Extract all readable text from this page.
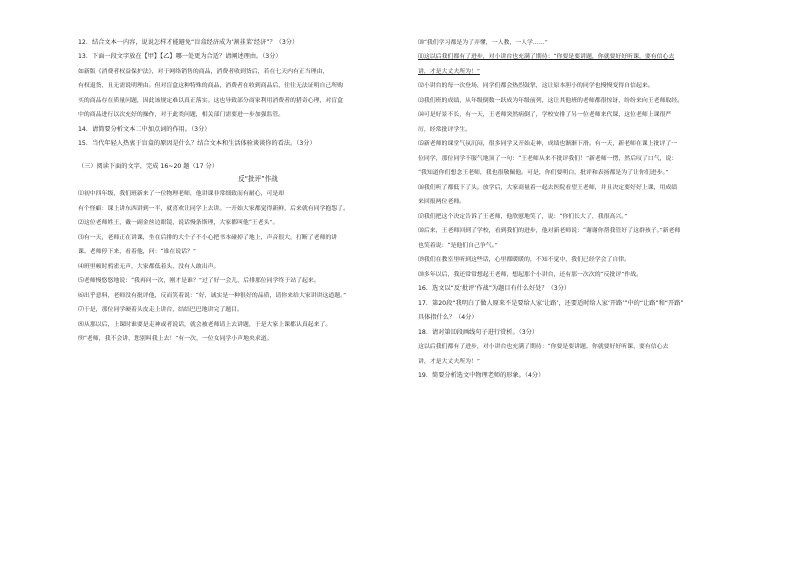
12．结合文本一内容，说说怎样才能避免“盲盒经济成为‘割韭菜’经济”？（3分）
13．下面一段文字放在【甲】【乙】哪一处更为合适？请阐述理由。（3分）
如新版《消费者权益保护法》，对于网络销售的商品，消费者收到货后，若在七天内有正当理由，
有权退货，且无需说明理由。但对盲盒这种特殊的商品，消费者在收到商品后，往往无法证明自己所购
买的商品存在质量问题，因此该规定难以真正落实。这也导致部分商家利用消费者的猎奇心理，对盲盒
中的商品进行以次充好的操作，对于此类问题，相关部门需要进一步加强监管。
14．请简要分析文本二中加点词的作用。（3分）
15．当代年轻人热衷于盲盒的原因是什么？结合文本和生活体验谈谈你的看法。（3分）
（三）阅读下面的文字，完成 16~20 题（17 分）
反“批评”作战
⑴初中四年级，我们班新来了一位物理老师，他讲课非常细致而有耐心，可是却
有个怪癖：课上讲东西讲到一半，就喜欢让同学上去讲。一开始大家都觉得新鲜，后来就有同学抱怨了。
⑵这位老师姓王，戴一副金丝边眼镜，说话慢条斯理，大家都叫他“王老头”。
⑶有一天，老师正在讲课，坐在后排的大个子不小心把书本碰掉了地上，声音很大，打断了老师的讲
课。老师停下来，看着他，问：“谁在说话？”
⑷班里顿时鸦雀无声，大家都低着头，没有人敢出声。
⑸老师慢悠悠地说：“我再问一次，刚才是谁？”过了好一会儿，后排那位同学终于站了起来。
⑹出乎意料，老师没有批评他，反而笑着说：“好，诚实是一种很好的品质，请你来给大家讲讲这道题。”
⑺于是，那位同学硬着头皮走上讲台，结结巴巴地讲完了题目。
⑻从那以后，上课时谁要是走神或者说话，就会被老师请上去讲题，于是大家上课都认真起来了。
⑼“老师，我不会讲，您别叫我上去！”有一次，一位女同学小声地央求道。
⑽“我们学习都是为了弄懂，一人教，一人学……”
⑾这以后我们都有了进步，对小讲台也充满了期待：“你要是要讲题，你就要好好听课，要有信心去
讲，才是大丈夫所为！”
⑿小讲台的每一次登场，同学们都会热烈鼓掌，这让原本胆小的同学也慢慢变得自信起来。
⒀我们班的成绩，从年级倒数一跃成为年级前列，这让其他班的老师都很惊讶，纷纷来向王老师取经。
⒁可是好景不长，有一天，王老师突然病倒了，学校安排了另一位老师来代课，这位老师上课很严
厉，经常批评学生。
⒂新老师的课堂气氛沉闷，很多同学又开始走神，成绩也渐渐下滑。有一天，新老师在课上批评了一
位同学，那位同学不服气地顶了一句：“王老师从来不批评我们！”新老师一愣，然后叹了口气，说：
“我知道你们想念王老师，我也很敬佩他。可是，你们要明白，批评和表扬都是为了让你们进步。”
⒃我们听了都低下了头。放学后，大家商量着一起去医院看望王老师，并且决定要好好上课，用成绩
来回报两位老师。
⒄我们把这个决定告诉了王老师，他欣慰地笑了，说：“你们长大了，我很高兴。”
⒅后来，王老师回到了学校，看到我们的进步，他对新老师说：“谢谢你帮我管好了这群孩子。”新老师
也笑着说：“是他们自己争气。”
⒆我们在教室里听到这些话，心里都暖暖的，不知不觉中，我们已经学会了自律。
⒇多年以后，我还常常想起王老师，想起那个小讲台，还有那一次次的“反批评”作战。
16．选文以“反‘批评’作战”为题目有什么好处？（3分）
17．第20段“我明白了做人原来不是要给人家‘让路’，还要适时给人家‘开路’”中的“让路”和“开路”
具体指什么？（4分）
18．请对第⑾段画线句子进行赏析。（3分）
这以后我们都有了进步，对小讲台也充满了期待：“你要是要讲题，你就要好好听课，要有信心去
讲，才是大丈夫所为！”
19．简要分析选文中物理老师的形象。（4分）
